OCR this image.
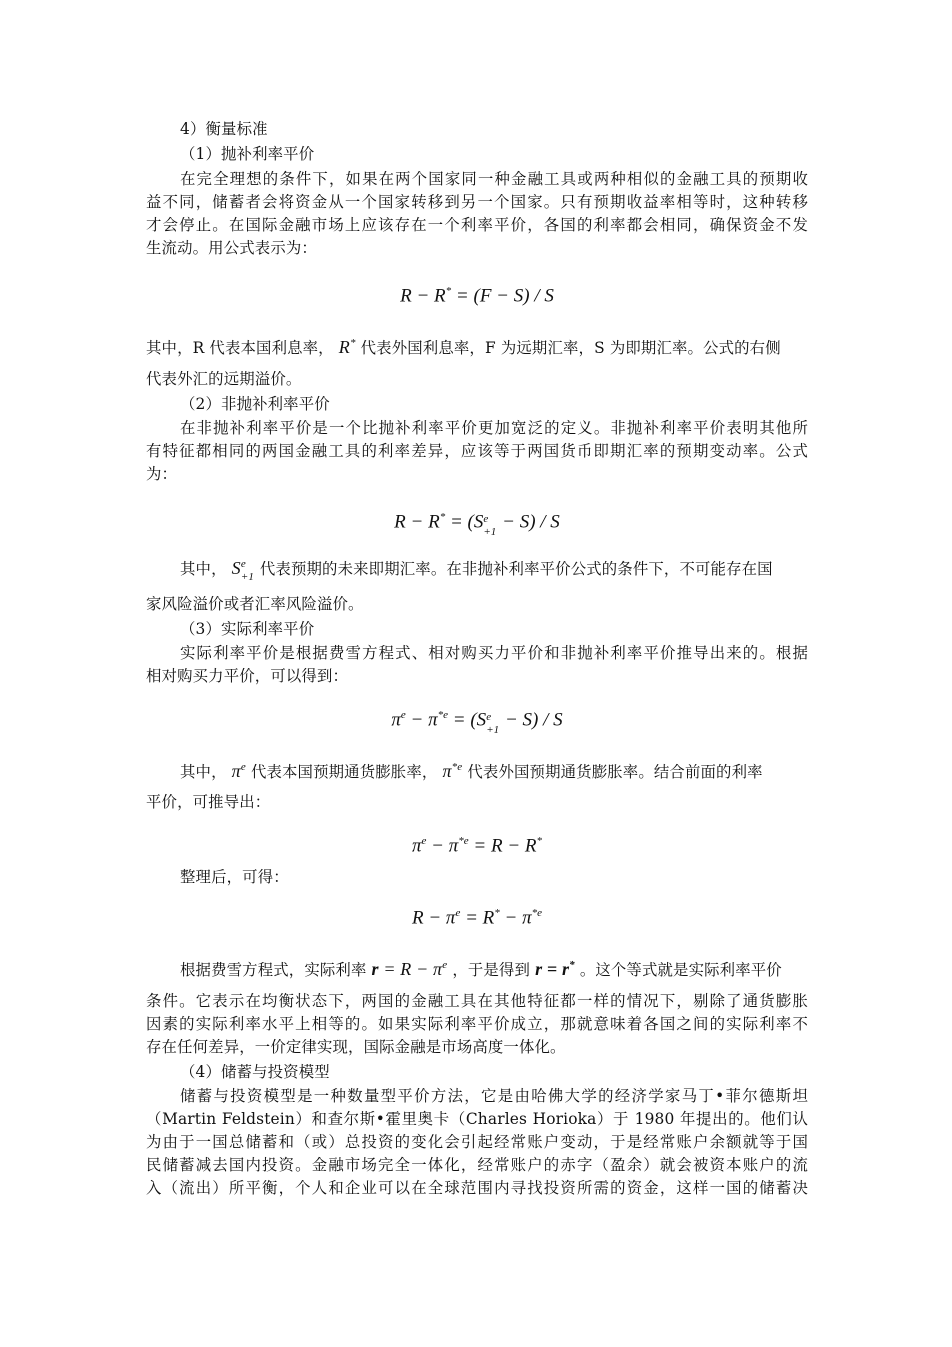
4）衡量标准
（1）抛补利率平价
在完全理想的条件下，如果在两个国家同一种金融工具或两种相似的金融工具的预期收
益不同，储蓄者会将资金从一个国家转移到另一个国家。只有预期收益率相等时，这种转移
才会停止。在国际金融市场上应该存在一个利率平价，各国的利率都会相同，确保资金不发
生流动。用公式表示为：
R − R* = (F − S) / S
其中，R 代表本国利息率， R* 代表外国利息率，F 为远期汇率，S 为即期汇率。公式的右侧
代表外汇的远期溢价。
（2）非抛补利率平价
在非抛补利率平价是一个比抛补利率平价更加宽泛的定义。非抛补利率平价表明其他所
有特征都相同的两国金融工具的利率差异，应该等于两国货币即期汇率的预期变动率。公式
为：
R − R* = (S e
+1 − S) / S
其中， S e
+1 代表预期的未来即期汇率。在非抛补利率平价公式的条件下，不可能存在国
家风险溢价或者汇率风险溢价。
（3）实际利率平价
实际利率平价是根据费雪方程式、相对购买力平价和非抛补利率平价推导出来的。根据
相对购买力平价，可以得到：
$\pi^e - \pi^{*e} = (S$ e
+1 − S) / S
其中， $\pi^e$ 代表本国预期通货膨胀率， $\pi^{*e}$ 代表外国预期通货膨胀率。结合前面的利率
平价，可推导出：
$\pi^e - \pi^{*e} = R - R^*$
整理后，可得：
$R - \pi^e = R^* - \pi^{*e}$
根据费雪方程式，实际利率 $r = R - \pi^e$ ，于是得到 r = r* 。这个等式就是实际利率平价
条件。它表示在均衡状态下，两国的金融工具在其他特征都一样的情况下，剔除了通货膨胀
因素的实际利率水平上相等的。如果实际利率平价成立，那就意味着各国之间的实际利率不
存在任何差异，一价定律实现，国际金融是市场高度一体化。
（4）储蓄与投资模型
储蓄与投资模型是一种数量型平价方法，它是由哈佛大学的经济学家马丁•菲尔德斯坦
（Martin Feldstein）和查尔斯•霍里奥卡（Charles Horioka）于 1980 年提出的。他们认
为由于一国总储蓄和（或）总投资的变化会引起经常账户变动，于是经常账户余额就等于国
民储蓄减去国内投资。金融市场完全一体化，经常账户的赤字（盈余）就会被资本账户的流
入（流出）所平衡，个人和企业可以在全球范围内寻找投资所需的资金，这样一国的储蓄决
